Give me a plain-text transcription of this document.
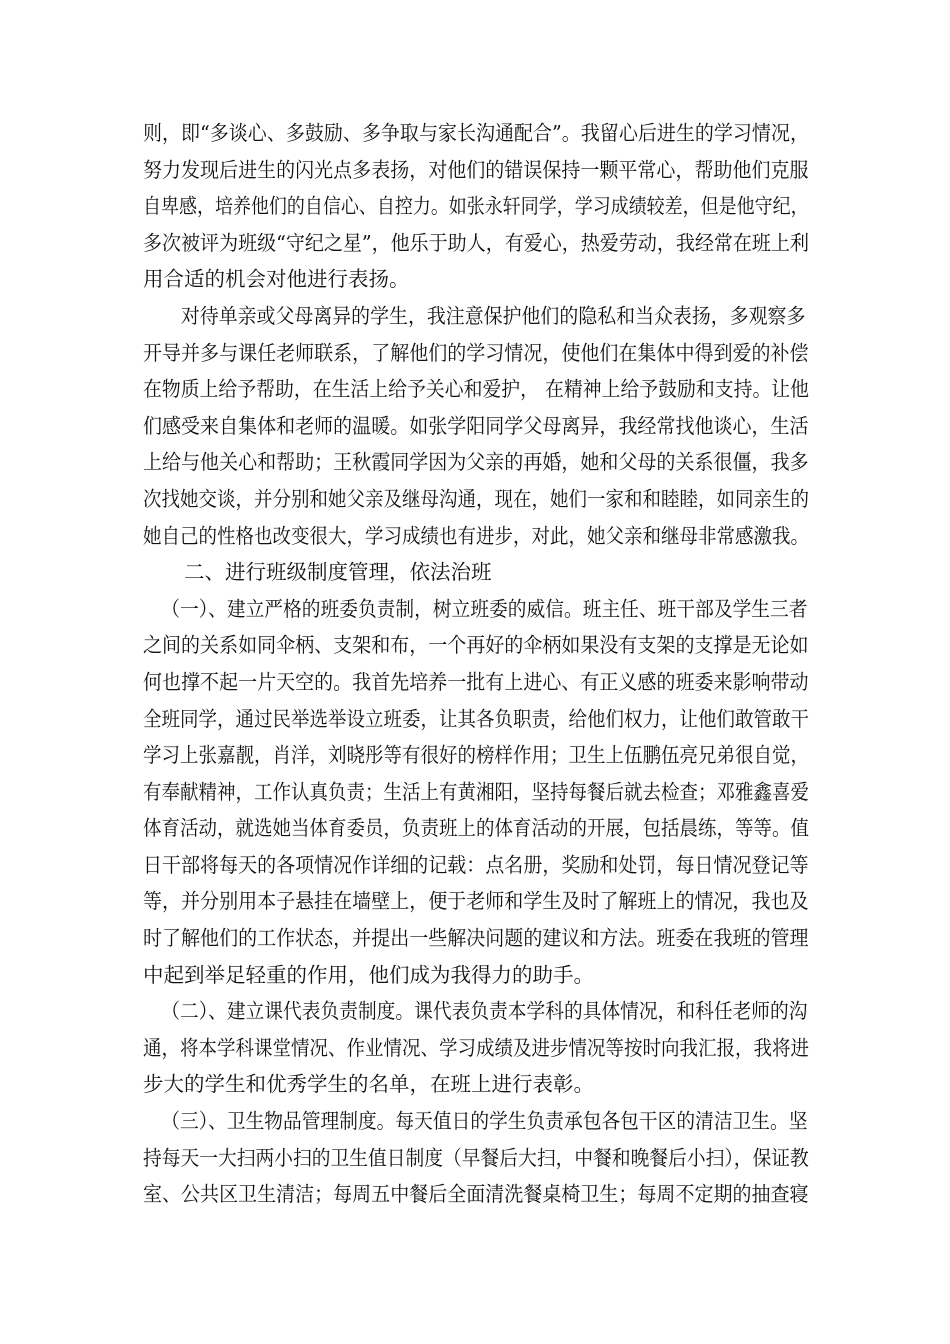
则，即“多谈心、多鼓励、多争取与家长沟通配合”。我留心后进生的学习情况，
努力发现后进生的闪光点多表扬，对他们的错误保持一颗平常心，帮助他们克服
自卑感，培养他们的自信心、自控力。如张永轩同学，学习成绩较差，但是他守纪，
多次被评为班级“守纪之星”，他乐于助人，有爱心，热爱劳动，我经常在班上利
用合适的机会对他进行表扬。
对待单亲或父母离异的学生，我注意保护他们的隐私和当众表扬，多观察多
开导并多与课任老师联系，了解他们的学习情况，使他们在集体中得到爱的补偿
在物质上给予帮助，在生活上给予关心和爱护， 在精神上给予鼓励和支持。让他
们感受来自集体和老师的温暖。如张学阳同学父母离异，我经常找他谈心，生活
上给与他关心和帮助；王秋霞同学因为父亲的再婚，她和父母的关系很僵，我多
次找她交谈，并分别和她父亲及继母沟通，现在，她们一家和和睦睦，如同亲生的
她自己的性格也改变很大，学习成绩也有进步，对此，她父亲和继母非常感激我。
二、进行班级制度管理，依法治班
（一）、建立严格的班委负责制，树立班委的威信。班主任、班干部及学生三者
之间的关系如同伞柄、支架和布，一个再好的伞柄如果没有支架的支撑是无论如
何也撑不起一片天空的。我首先培养一批有上进心、有正义感的班委来影响带动
全班同学，通过民举选举设立班委，让其各负职责，给他们权力，让他们敢管敢干
学习上张嘉靓，肖洋，刘晓彤等有很好的榜样作用；卫生上伍鹏伍亮兄弟很自觉，
有奉献精神，工作认真负责；生活上有黄湘阳，坚持每餐后就去检查；邓雅鑫喜爱
体育活动，就选她当体育委员，负责班上的体育活动的开展，包括晨练，等等。值
日干部将每天的各项情况作详细的记载：点名册，奖励和处罚，每日情况登记等
等，并分别用本子悬挂在墙壁上，便于老师和学生及时了解班上的情况，我也及
时了解他们的工作状态，并提出一些解决问题的建议和方法。班委在我班的管理
中起到举足轻重的作用，他们成为我得力的助手。
（二）、建立课代表负责制度。课代表负责本学科的具体情况，和科任老师的沟
通，将本学科课堂情况、作业情况、学习成绩及进步情况等按时向我汇报，我将进
步大的学生和优秀学生的名单，在班上进行表彰。
（三）、卫生物品管理制度。每天值日的学生负责承包各包干区的清洁卫生。坚
持每天一大扫两小扫的卫生值日制度（早餐后大扫，中餐和晚餐后小扫），保证教
室、公共区卫生清洁；每周五中餐后全面清洗餐桌椅卫生；每周不定期的抽查寝
